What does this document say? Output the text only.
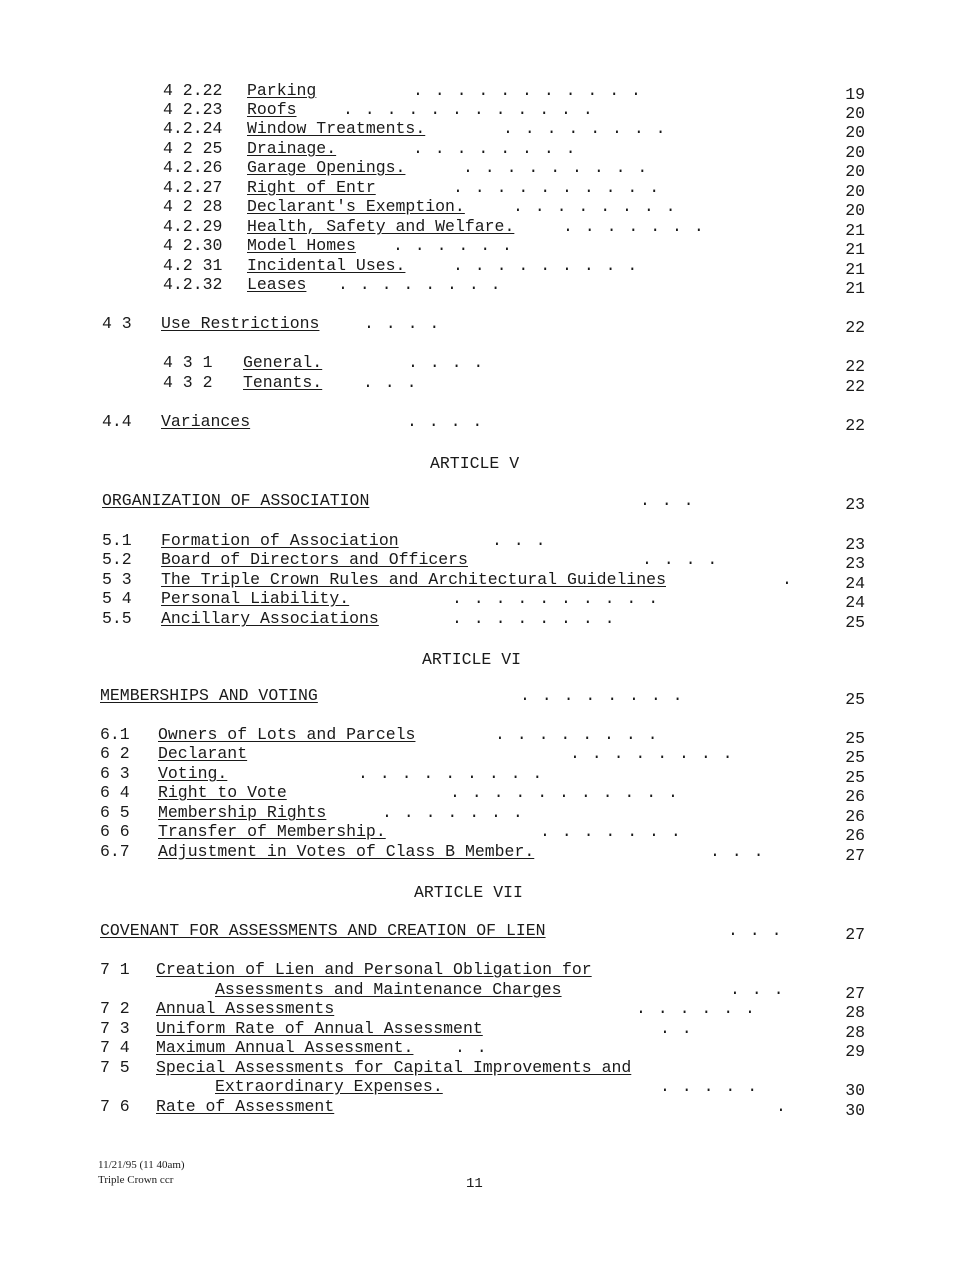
4 2.22 Parking	. . . . . . . . . . .	19
4 2.23 Roofs	. . . . . . . . . . . .	20
4.2.24 Window Treatments.	. . . . . . . .	20
4 2 25 Drainage.	. . . . . . . .	20
4.2.26 Garage Openings.	. . . . . . . . .	20
4.2.27 Right of Entr	. . . . . . . . . .	20
4 2 28 Declarant's Exemption.	. . . . . . . .	20
4.2.29 Health, Safety and Welfare.	. . . . . . .	21
4 2.30 Model Homes . . . . . .	21
4.2 31 Incidental Uses.	. . . . . . . . .	21
4.2.32 Leases . . . . . . . .	21
4 3 Use Restrictions	. . . .	22
4 3 1 General.	. . . .	22
4 3 2 Tenants. . . .	22
4.4 Variances	. . . .	22
ARTICLE V
ORGANIZATION OF ASSOCIATION	. . .	23
5.1 Formation of Association	. . .	23
5.2 Board of Directors and Officers	. . . .	23
5 3 The Triple Crown Rules and Architectural Guidelines	.	24
5 4 Personal Liability.	. . . . . . . . . .	24
5.5 Ancillary Associations	. . . . . . . .	25
ARTICLE VI
MEMBERSHIPS AND VOTING	. . . . . . . .	25
6.1 Owners of Lots and Parcels	. . . . . . . .	25
6 2 Declarant	. . . . . . . .	25
6 3 Voting.	. . . . . . . . .	25
6 4 Right to Vote	. . . . . . . . . . .	26
6 5 Membership Rights	. . . . . . .	26
6 6 Transfer of Membership.	. . . . . . .	26
6.7 Adjustment in Votes of Class B Member.	. . .	27
ARTICLE VII
COVENANT FOR ASSESSMENTS AND CREATION OF LIEN	. . .	27
7 1 Creation of Lien and Personal Obligation for
Assessments and Maintenance Charges	. . .	27
7 2 Annual Assessments	. . . . . .	28
7 3 Uniform Rate of Annual Assessment	. .	28
7 4 Maximum Annual Assessment.	. .	29
7 5 Special Assessments for Capital Improvements and
Extraordinary Expenses.	. . . . .	30
7 6 Rate of Assessment	.	30
11/21/95 (11 40am)
Triple Crown ccr	11
